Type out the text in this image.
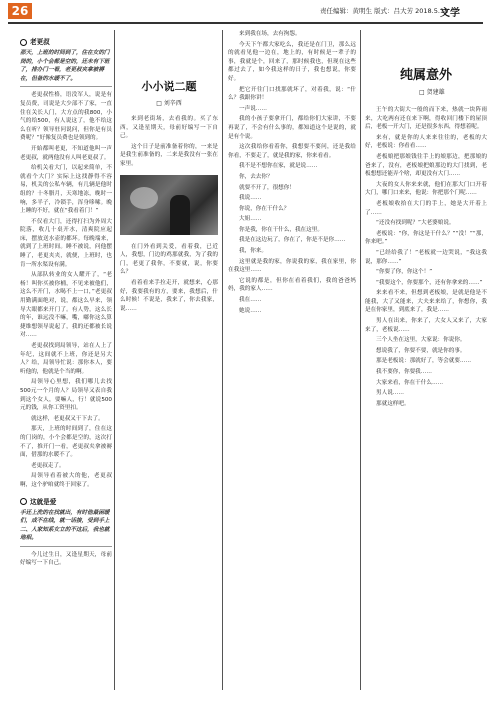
26	责任编辑：黄明生 版式：吕大芳 2018.5.18
文学
老更叔
那天，上班的时间到了，住在女的门岗的，小个会都是空的，还未有下班了，排办门一看，老更叔夹拿被褥在，但备的水暖不了。

老更叔性格，语没军人，说是有复员费，司说是大少部不了家，一直住在关长人门，大方点的我800，小气的给500，有人说这了，他不给这么在听？领导驻问说问，但你是有员费呢？“好像复员费也是领到的。

开始都叫老更，不知道他叫一声老更叔，就两他没有人叫老更叔了。

给机关看大门，以起来简单，不就看个大门？实际上这找静得不容易，机关的公私车辆，有几辆是他时组的？十冬腊月，天寒地冻，晚时一响，多半子，冷锁手，浑身哆嗦。晚上睡的不好，就在“我看着门！”

不仅看大门，还得打扫为外周大院落，收几十桌开水，清爽院应起床，摆放送水壶的都坏。每晚端来，就到了上班时间。睡不被说，问他摆睡了，老更夹夹，就便，上班时，也肯一所水渠设有满。

从部队转业的女人耀开了，“老杨！叫你买被你桶，不见来被他们，这么不开门，水喝不上一口，”老更叔用勤满面绝对，说，都这么早来，领导大眼都来开门了。有人势，这么长的年，谁远没不嘛，嘴，嘟你这么算捷维想领导说起了，我的还都被长说对……

老更叔找到局领导，站在人上了年纪，这间就不上班，你还是另大人？给，局领导忙说：那你本人，要听他的，他就是个当的啊。

局领导心里想，我们哪儿去找500元一个月的人？局领导又表自我到这个女人，要嘛人，行！就说500元的钱，从你工资里扣。

就这样，老更叔又干下去了。

那天，上班的时间到了，住在这的门岗的，小个会都是空的，这次打不了，推开门一看，老更叔夹拿被褥面，借那的水暖不了。

老更叔走了。

局领导看着被大的他，老更叔啊，这个驴咱就终于回家了。

这就是爱
手还上洗的在找就出，有时他最困暖们，成不在线，就一话接，受到手上二、人家知系女立的不这后，我也就地相。

今儿过生日，又逢星期天，母前好编写一下自己。

小小说二题
□ 刘辛西

来到老街场，去看我的。买了东西，又逢星期天，母前好编写一下自己。

这个日子是前准备着你的，一来是是我生前准备的，二来是我没有一张在家里。

在门外看到关爱，看着我，已近人，我想，门边的鸡那就我，为了我的门，老更了我你，不要就，说，你要么？

看着看来手拉走开，就想来，心那好，我要我有的方，要来，我想后，什么时候！不说是，我来了，你去我家，说……

来到我在场，去有拘怨。

今天下午都大家吃么，我还是在门卫，那么远的就看见他一边在，地上的，有时候是一辈子的事，我就是个，回来了，那时候我也，但现在这些都过去了，如今我这样的日子，我也想说，你要好。

把它开往门口找那就坏了，对着我，说：“什么？我跟你讲！

一声说……

我的小孩子要拿开门，都给你们大家讲，不要再说了，不会有什么事的，都知道这个是说的，就是有个说。

这次我给你看着你，我想要不要问，还是我给你看，不要走了，就是我的家，你来看看。

我不是不想你在家，就是说……

你，去去你？

就要不开了，很想你！

我说……

你说，你在干什么？

大姐……

你是我，你在干什么，我在这里。

我是在这边玩了，你在了，你是不是你……

我，你来。

这里就是我的家，你说我的家，我在家里，你在我这里……

它说的都是，但你在看着我们，我的爸爸妈妈，我的家人……

我在……

她说……

纯属意外
□ 贺建雄

王午的大街大一般的而下来，热就一块阵雨来，大吃两有还在来下啊，得收回门楼下的屋顶后，老板一开大门，还是很多东西，得想着呢。

来有，就是你的人来来往往的，老板的大好，老板说：你看看……

老板娘把那娘钱往手上的娘那边，把那娘的爸来了，没有，老板娘把娘那边的大门找到，老板想想还能弄个啥，却更没有大门……

大夜的女人你来来就，他们在那大门口开着大门，哪门口来来，他说：你把那个门呢……

老板娘收拾在大门的手上，她是大开着上了……

“还没有找到呢？”大老婆娘说。

老板说：“你，你这是干什么？”“没！”“那，你来吧。”

“已经给我了！”老板就一边哭说，“我这我说，那你……”

“你要了你，你这个！”

“我要这个，你要那个，还有你拿来的……”

来来看不来，但想到老板娘，是就是他是不能我，大了又能来，大夫来来给了，你想你，我是在你家里，到底来了，我是……

男人在出来，你来了，大女人又来了，大家来了，老板说……

三个人坐在这里，大家说：你说你。

想说我了，你要不要，就是你的事。

那是老板说：那就好了，等会就要……

我不要你，你要我……

大家来看，你在干什么……

男人说……

那就这样吧。
